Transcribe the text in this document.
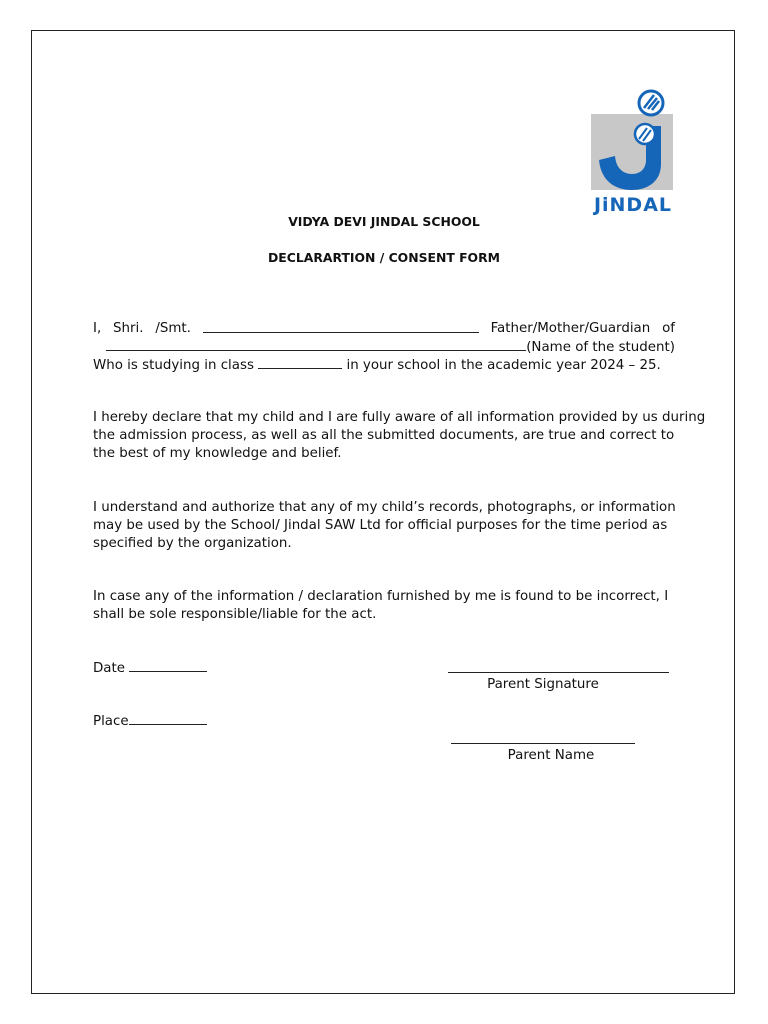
JiNDAL
VIDYA DEVI JINDAL SCHOOL
DECLARARTION / CONSENT FORM
I, Shri. /Smt.	Father/Mother/Guardian of
(Name of the student)
Who is studying in class	in your school in the academic year 2024 – 25.
I hereby declare that my child and I are fully aware of all information provided by us during
the admission process, as well as all the submitted documents, are true and correct to
the best of my knowledge and belief.
I understand and authorize that any of my child’s records, photographs, or information
may be used by the School/ Jindal SAW Ltd for official purposes for the time period as
specified by the organization.
In case any of the information / declaration furnished by me is found to be incorrect, I
shall be sole responsible/liable for the act.
Date
Place
Parent Signature
Parent Name
